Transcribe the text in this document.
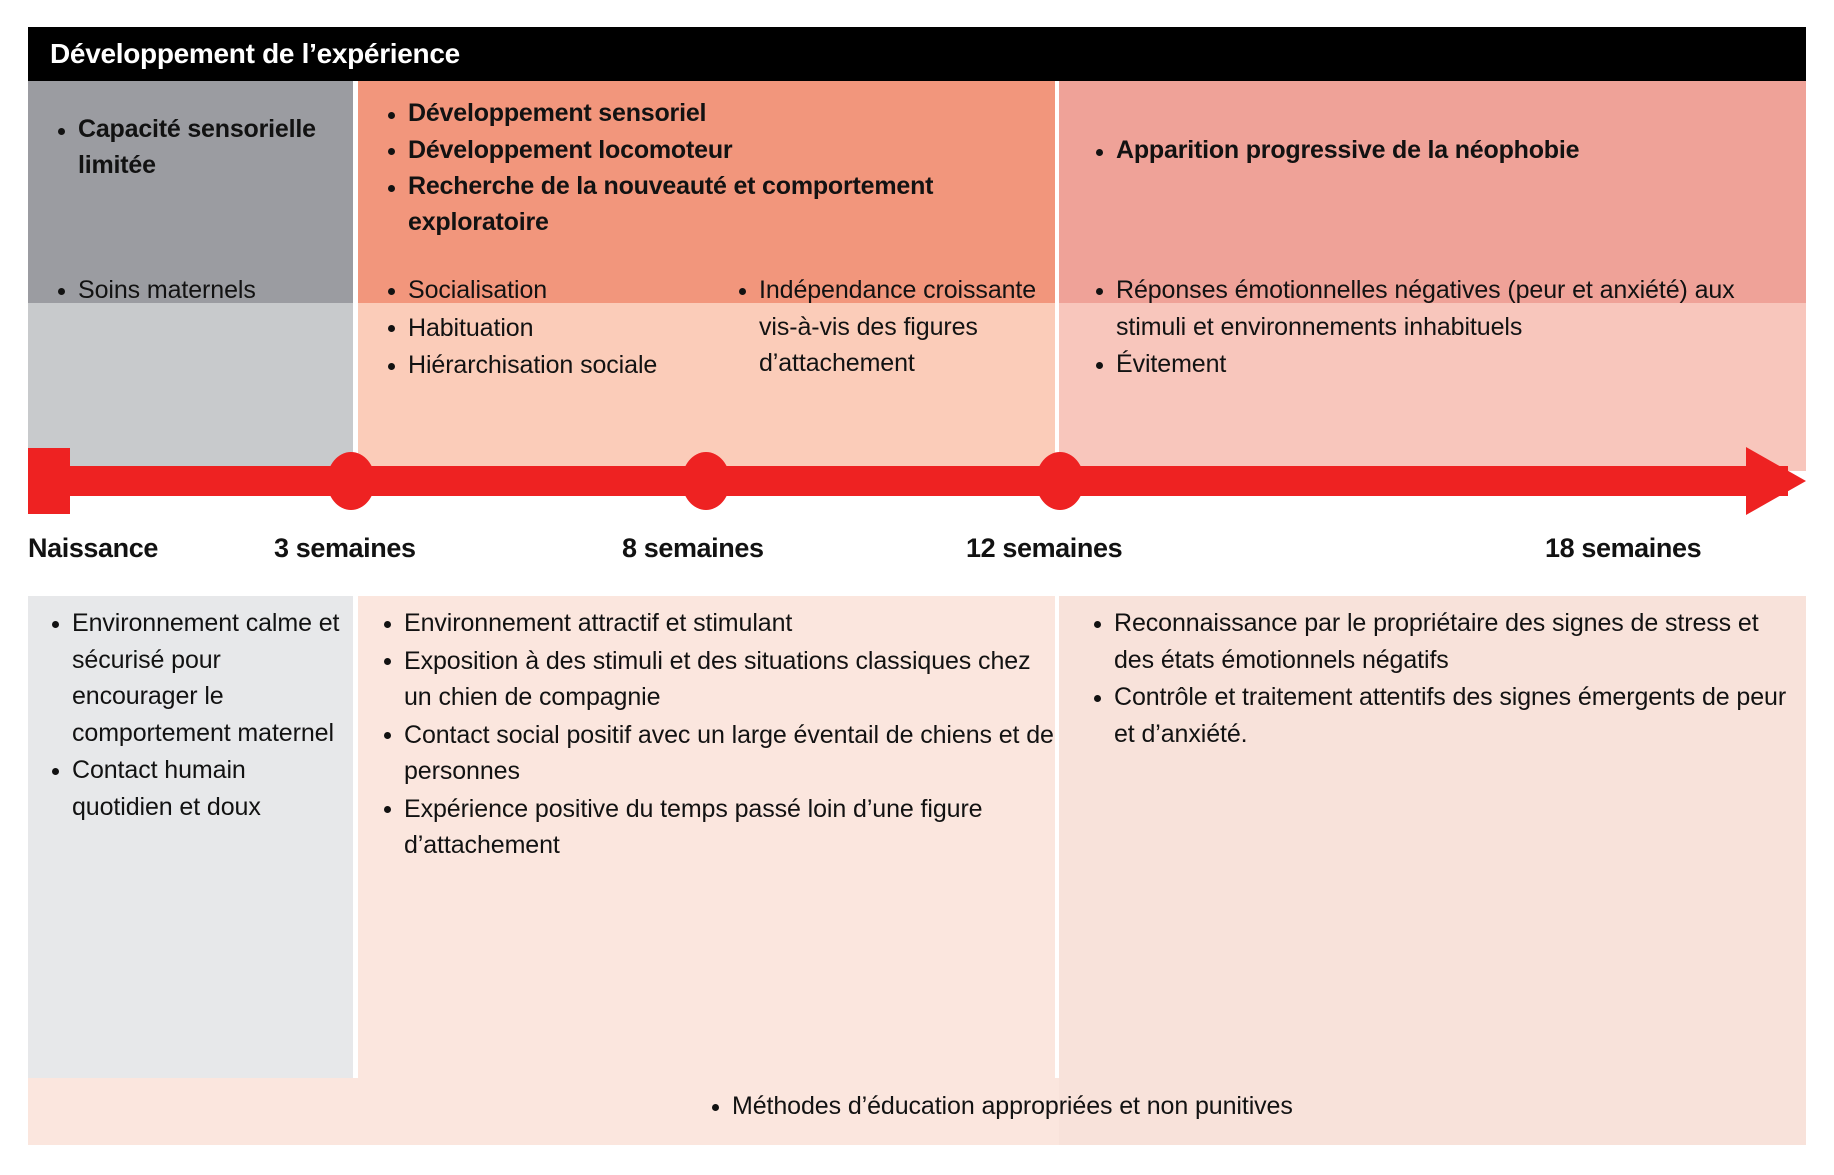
Développement de l’expérience
Capacité sensorielle limitée
Soins maternels
Environnement calme et sécurisé pour encourager le comportement maternel
Contact humain quotidien et doux
Développement sensoriel
Développement locomoteur
Recherche de la nouveauté et comportement exploratoire
Socialisation
Habituation
Hiérarchisation sociale
Indépendance croissante vis-à-vis des figures d’attachement
Environnement attractif et stimulant
Exposition à des stimuli et des situations classiques chez un chien de compagnie
Contact social positif avec un large éventail de chiens et de personnes
Expérience positive du temps passé loin d’une figure d’attachement
Apparition progressive de la néophobie
Réponses émotionnelles négatives (peur et anxiété) aux stimuli et environnements inhabituels
Évitement
Reconnaissance par le propriétaire des signes de stress et des états émotionnels négatifs
Contrôle et traitement attentifs des signes émergents de peur et d’anxiété.
Méthodes d’éducation appropriées et non punitives
Naissance	3 semaines	8 semaines	12 semaines	18 semaines
